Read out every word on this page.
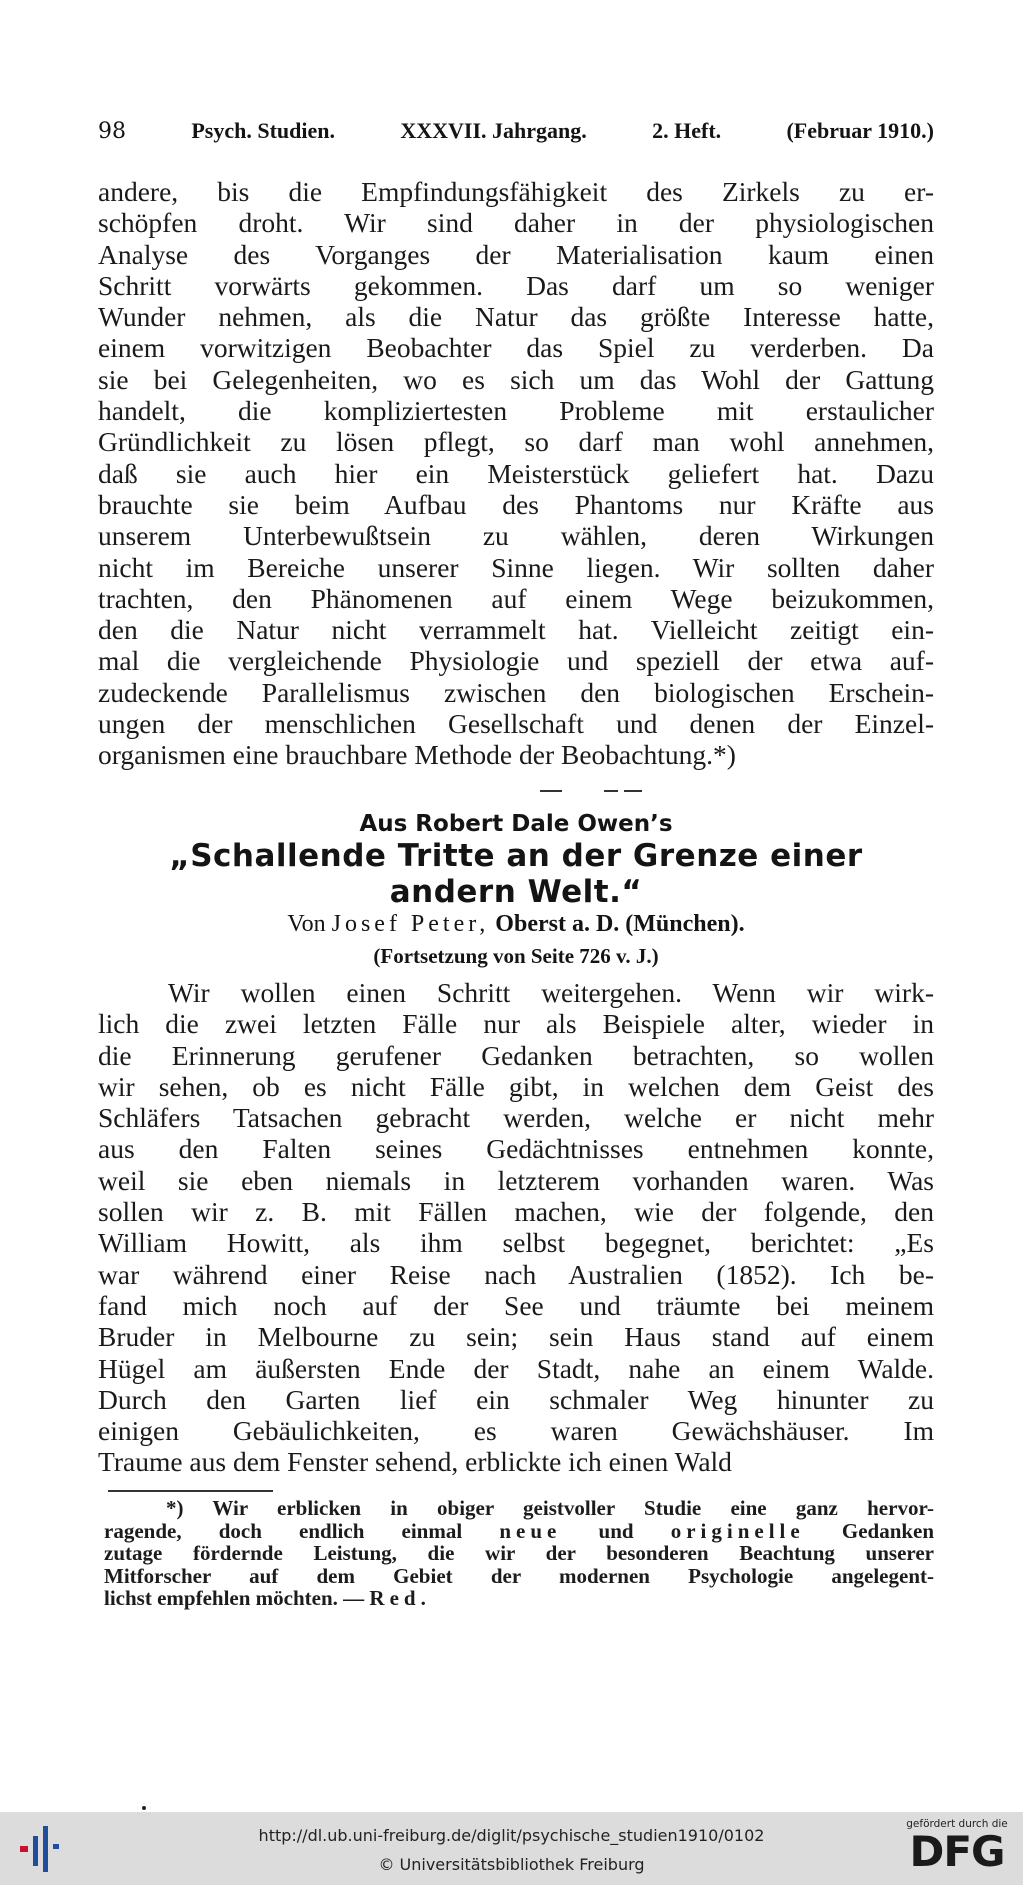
98	Psych. Studien.	XXXVII. Jahrgang.	2. Heft.	(Februar 1910.)
andere, bis die Empfindungsfähigkeit des Zirkels zu er-
schöpfen droht. Wir sind daher in der physiologischen
Analyse des Vorganges der Materialisation kaum einen
Schritt vorwärts gekommen. Das darf um so weniger
Wunder nehmen, als die Natur das größte Interesse hatte,
einem vorwitzigen Beobachter das Spiel zu verderben. Da
sie bei Gelegenheiten, wo es sich um das Wohl der Gattung
handelt, die kompliziertesten Probleme mit erstaulicher
Gründlichkeit zu lösen pflegt, so darf man wohl annehmen,
daß sie auch hier ein Meisterstück geliefert hat. Dazu
brauchte sie beim Aufbau des Phantoms nur Kräfte aus
unserem Unterbewußtsein zu wählen, deren Wirkungen
nicht im Bereiche unserer Sinne liegen. Wir sollten daher
trachten, den Phänomenen auf einem Wege beizukommen,
den die Natur nicht verrammelt hat. Vielleicht zeitigt ein-
mal die vergleichende Physiologie und speziell der etwa auf-
zudeckende Parallelismus zwischen den biologischen Erschein-
ungen der menschlichen Gesellschaft und denen der Einzel-
organismen eine brauchbare Methode der Beobachtung.*)
Aus Robert Dale Owen’s
„Schallende Tritte an der Grenze einer
andern Welt.“
Von Josef Peter, Oberst a. D. (München).
(Fortsetzung von Seite 726 v. J.)
Wir wollen einen Schritt weitergehen. Wenn wir wirk-
lich die zwei letzten Fälle nur als Beispiele alter, wieder in
die Erinnerung gerufener Gedanken betrachten, so wollen
wir sehen, ob es nicht Fälle gibt, in welchen dem Geist des
Schläfers Tatsachen gebracht werden, welche er nicht mehr
aus den Falten seines Gedächtnisses entnehmen konnte,
weil sie eben niemals in letzterem vorhanden waren. Was
sollen wir z. B. mit Fällen machen, wie der folgende, den
William Howitt, als ihm selbst begegnet, berichtet: „Es
war während einer Reise nach Australien (1852). Ich be-
fand mich noch auf der See und träumte bei meinem
Bruder in Melbourne zu sein; sein Haus stand auf einem
Hügel am äußersten Ende der Stadt, nahe an einem Walde.
Durch den Garten lief ein schmaler Weg hinunter zu
einigen Gebäulichkeiten, es waren Gewächshäuser. Im
Traume aus dem Fenster sehend, erblickte ich einen Wald
*) Wir erblicken in obiger geistvoller Studie eine ganz hervor-
ragende, doch endlich einmal neue und originelle Gedanken
zutage fördernde Leistung, die wir der besonderen Beachtung unserer
Mitforscher auf dem Gebiet der modernen Psychologie angelegent-
lichst empfehlen möchten. — Red.
http://dl.ub.uni-freiburg.de/diglit/psychische_studien1910/0102
© Universitätsbibliothek Freiburg
gefördert durch die
DFG
